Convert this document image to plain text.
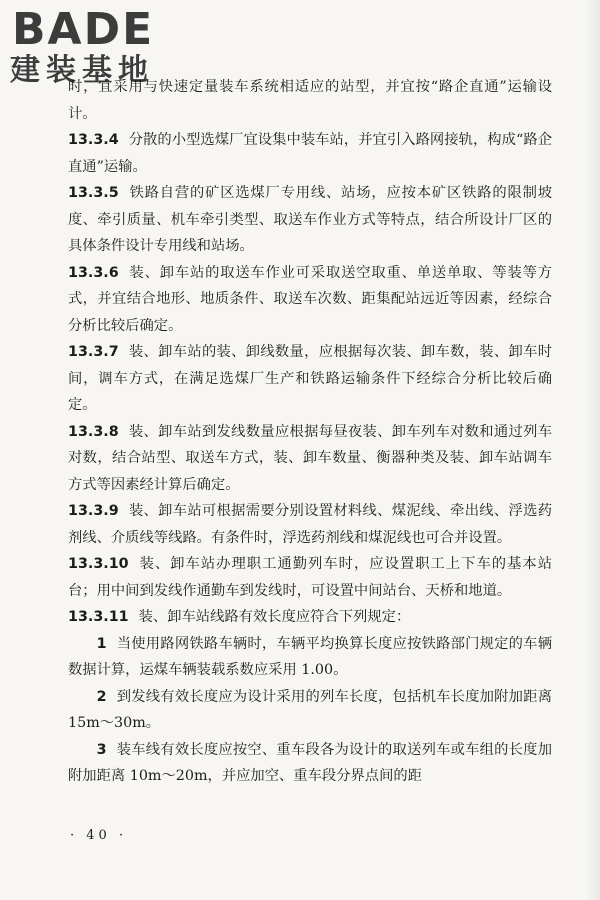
BADE
建装基地

时，宜采用与快速定量装车系统相适应的站型，并宜按“路企直通”运输设计。

13.3.4 分散的小型选煤厂宜设集中装车站，并宜引入路网接轨，构成“路企直通”运输。

13.3.5 铁路自营的矿区选煤厂专用线、站场，应按本矿区铁路的限制坡度、牵引质量、机车牵引类型、取送车作业方式等特点，结合所设计厂区的具体条件设计专用线和站场。

13.3.6 装、卸车站的取送车作业可采取送空取重、单送单取、等装等方式，并宜结合地形、地质条件、取送车次数、距集配站远近等因素，经综合分析比较后确定。

13.3.7 装、卸车站的装、卸线数量，应根据每次装、卸车数，装、卸车时间，调车方式，在满足选煤厂生产和铁路运输条件下经综合分析比较后确定。

13.3.8 装、卸车站到发线数量应根据每昼夜装、卸车列车对数和通过列车对数，结合站型、取送车方式，装、卸车数量、衡器种类及装、卸车站调车方式等因素经计算后确定。

13.3.9 装、卸车站可根据需要分别设置材料线、煤泥线、牵出线、浮选药剂线、介质线等线路。有条件时，浮选药剂线和煤泥线也可合并设置。

13.3.10 装、卸车站办理职工通勤列车时，应设置职工上下车的基本站台；用中间到发线作通勤车到发线时，可设置中间站台、天桥和地道。

13.3.11 装、卸车站线路有效长度应符合下列规定：

1 当使用路网铁路车辆时，车辆平均换算长度应按铁路部门规定的车辆数据计算，运煤车辆装载系数应采用 1.00。

2 到发线有效长度应为设计采用的列车长度，包括机车长度加附加距离 15m～30m。

3 装车线有效长度应按空、重车段各为设计的取送列车或车组的长度加附加距离 10m～20m，并应加空、重车段分界点间的距

· 40 ·
